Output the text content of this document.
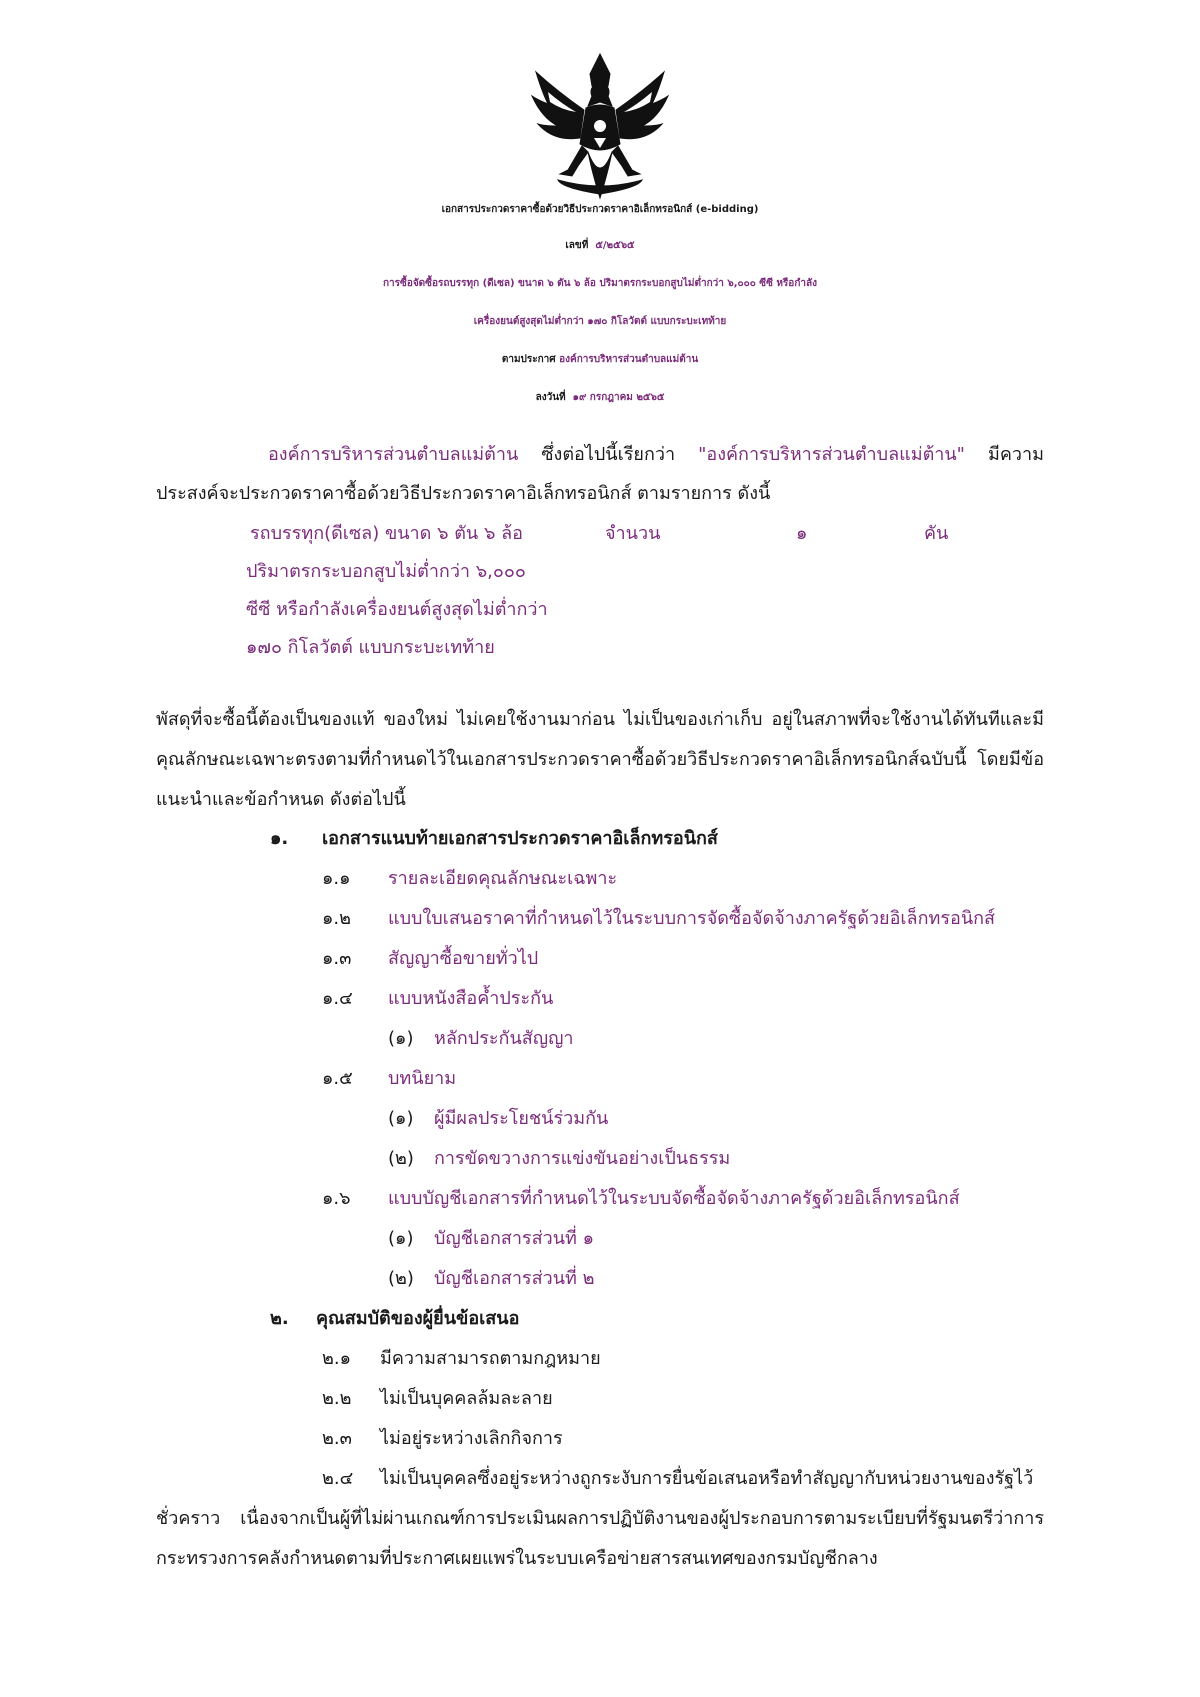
เอกสารประกวดราคาซื้อด้วยวิธีประกวดราคาอิเล็กทรอนิกส์ (e-bidding)
เลขที่ ๕/๒๕๖๕
การซื้อจัดซื้อรถบรรทุก (ดีเซล) ขนาด ๖ ตัน ๖ ล้อ ปริมาตรกระบอกสูบไม่ต่ำกว่า ๖,๐๐๐ ซีซี หรือกำลัง
เครื่องยนต์สูงสุดไม่ต่ำกว่า ๑๗๐ กิโลวัตต์ แบบกระบะเทท้าย
ตามประกาศ องค์การบริหารส่วนตำบลแม่ต้าน
ลงวันที่ ๑๙ กรกฎาคม ๒๕๖๕
องค์การบริหารส่วนตำบลแม่ต้าน ซึ่งต่อไปนี้เรียกว่า "องค์การบริหารส่วนตำบลแม่ต้าน" มีความ
ประสงค์จะประกวดราคาซื้อด้วยวิธีประกวดราคาอิเล็กทรอนิกส์ ตามรายการ ดังนี้
รถบรรทุก(ดีเซล) ขนาด ๖ ตัน ๖ ล้อ	จำนวน	๑	คัน
ปริมาตรกระบอกสูบไม่ต่ำกว่า ๖,๐๐๐
ซีซี หรือกำลังเครื่องยนต์สูงสุดไม่ต่ำกว่า
๑๗๐ กิโลวัตต์ แบบกระบะเทท้าย
พัสดุที่จะซื้อนี้ต้องเป็นของแท้ ของใหม่ ไม่เคยใช้งานมาก่อน ไม่เป็นของเก่าเก็บ อยู่ในสภาพที่จะใช้งานได้ทันทีและมี
คุณลักษณะเฉพาะตรงตามที่กำหนดไว้ในเอกสารประกวดราคาซื้อด้วยวิธีประกวดราคาอิเล็กทรอนิกส์ฉบับนี้ โดยมีข้อ
แนะนำและข้อกำหนด ดังต่อไปนี้
๑. เอกสารแนบท้ายเอกสารประกวดราคาอิเล็กทรอนิกส์
๑.๑ รายละเอียดคุณลักษณะเฉพาะ
๑.๒ แบบใบเสนอราคาที่กำหนดไว้ในระบบการจัดซื้อจัดจ้างภาครัฐด้วยอิเล็กทรอนิกส์
๑.๓ สัญญาซื้อขายทั่วไป
๑.๔ แบบหนังสือค้ำประกัน
(๑) หลักประกันสัญญา
๑.๕ บทนิยาม
(๑) ผู้มีผลประโยชน์ร่วมกัน
(๒) การขัดขวางการแข่งขันอย่างเป็นธรรม
๑.๖ แบบบัญชีเอกสารที่กำหนดไว้ในระบบจัดซื้อจัดจ้างภาครัฐด้วยอิเล็กทรอนิกส์
(๑) บัญชีเอกสารส่วนที่ ๑
(๒) บัญชีเอกสารส่วนที่ ๒
๒. คุณสมบัติของผู้ยื่นข้อเสนอ
๒.๑ มีความสามารถตามกฎหมาย
๒.๒ ไม่เป็นบุคคลล้มละลาย
๒.๓ ไม่อยู่ระหว่างเลิกกิจการ
๒.๔ ไม่เป็นบุคคลซึ่งอยู่ระหว่างถูกระงับการยื่นข้อเสนอหรือทำสัญญากับหน่วยงานของรัฐไว้
ชั่วคราว เนื่องจากเป็นผู้ที่ไม่ผ่านเกณฑ์การประเมินผลการปฏิบัติงานของผู้ประกอบการตามระเบียบที่รัฐมนตรีว่าการ
กระทรวงการคลังกำหนดตามที่ประกาศเผยแพร่ในระบบเครือข่ายสารสนเทศของกรมบัญชีกลาง
